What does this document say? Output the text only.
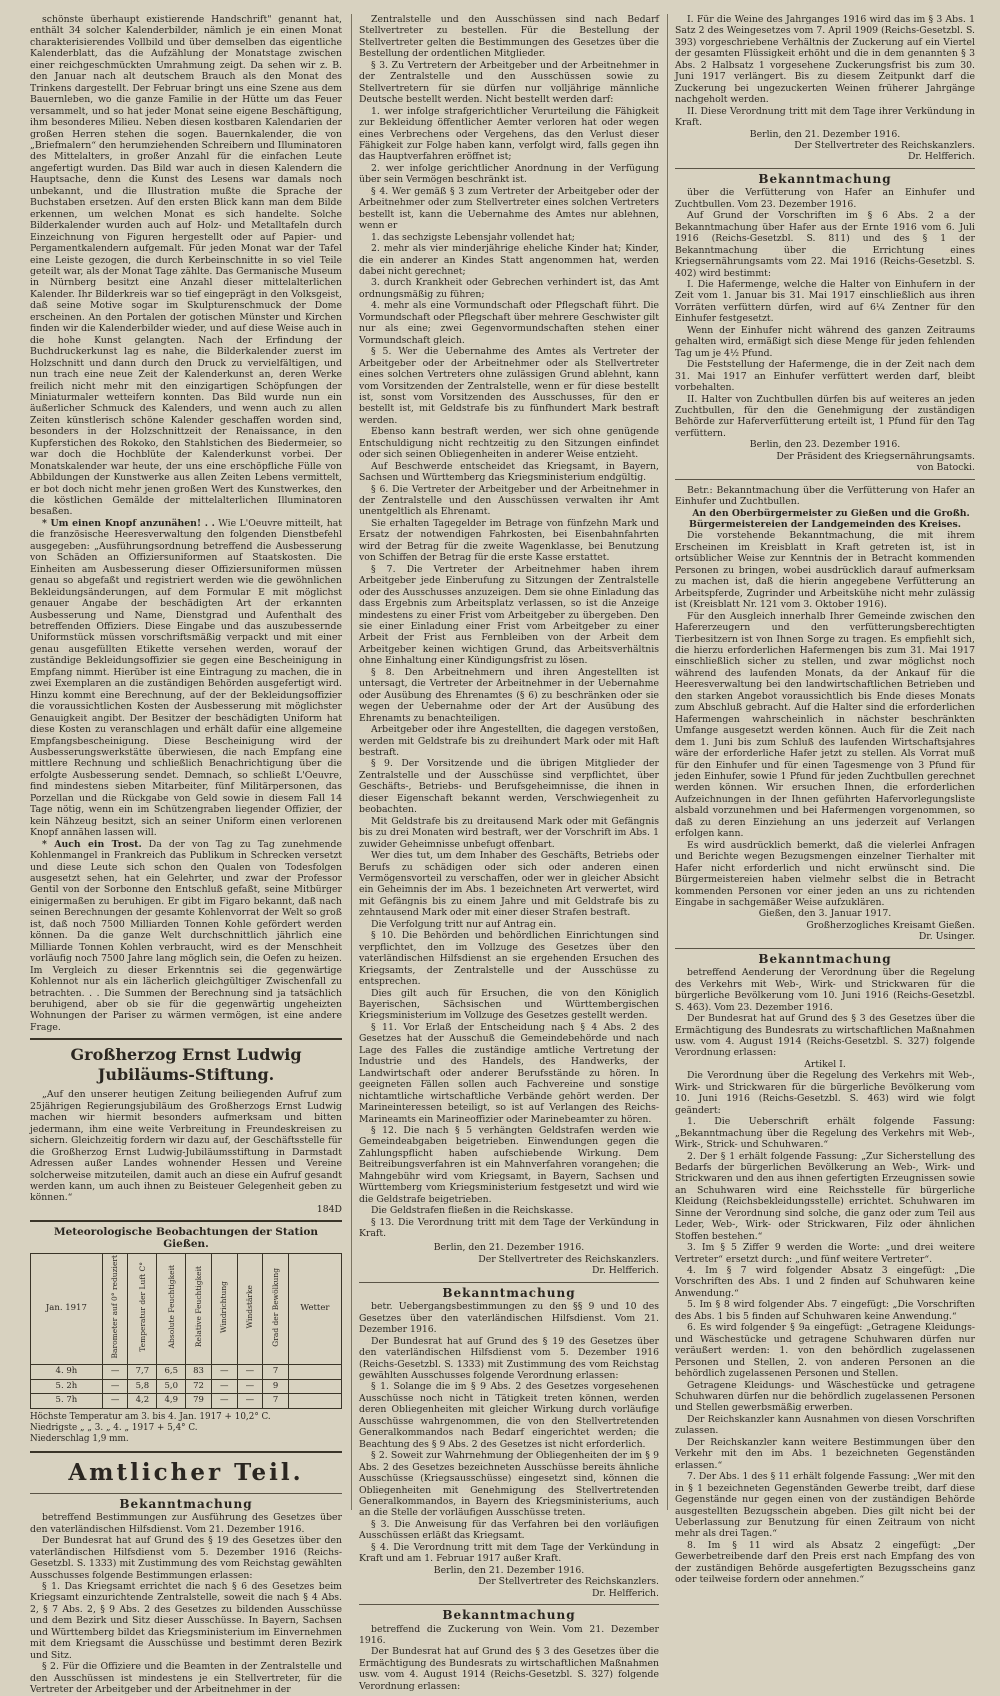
schönste überhaupt existierende Handschrift" genannt hat, enthält 34 solcher Kalenderbilder, nämlich je ein einen Monat charakterisierendes Vollbild und über demselben das eigentliche Kalenderblatt, das die Aufzählung der Monatstage zwischen einer reichgeschmückten Umrahmung zeigt. Da sehen wir z. B. den Januar nach alt deutschem Brauch als den Monat des Trinkens dargestellt. Der Februar bringt uns eine Szene aus dem Bauernleben, wo die ganze Familie in der Hütte um das Feuer versammelt, und so hat jeder Monat seine eigene Beschäftigung, ihm besonderes Milieu. Neben diesen kostbaren Kalendarien der großen Herren stehen die sogen. Bauernkalender, die von „Briefmalern“ den herumziehenden Schreibern und Illuminatoren des Mittelalters, in großer Anzahl für die einfachen Leute angefertigt wurden. Das Bild war auch in diesen Kalendern die Hauptsache, denn die Kunst des Lesens war damals noch unbekannt, und die Illustration mußte die Sprache der Buchstaben ersetzen. Auf den ersten Blick kann man dem Bilde erkennen, um welchen Monat es sich handelte. Solche Bilderkalender wurden auch auf Holz- und Metalltafeln durch Einzeichnung von Figuren hergestellt oder auf Papier- und Pergamentkalendern aufgemalt. Für jeden Monat war der Tafel eine Leiste gezogen, die durch Kerbeinschnitte in so viel Teile geteilt war, als der Monat Tage zählte. Das Germanische Museum in Nürnberg besitzt eine Anzahl dieser mittelalterlichen Kalender. Ihr Bilderkreis war so tief eingeprägt in den Volksgeist, daß seine Motive sogar im Skulpturenschmuck der Dome erscheinen. An den Portalen der gotischen Münster und Kirchen finden wir die Kalenderbilder wieder, und auf diese Weise auch in die hohe Kunst gelangten. Nach der Erfindung der Buchdruckerkunst lag es nahe, die Bilderkalender zuerst im Holzschnitt und dann durch den Druck zu vervielfältigen, und nun trach eine neue Zeit der Kalenderkunst an, deren Werke freilich nicht mehr mit den einzigartigen Schöpfungen der Miniaturmaler wetteifern konnten. Das Bild wurde nun ein äußerlicher Schmuck des Kalenders, und wenn auch zu allen Zeiten künstlerisch schöne Kalender geschaffen worden sind, besonders in der Holzschnittzeit der Renaissance, in den Kupferstichen des Rokoko, den Stahlstichen des Biedermeier, so war doch die Hochblüte der Kalenderkunst vorbei. Der Monatskalender war heute, der uns eine erschöpfliche Fülle von Abbildungen der Kunstwerke aus allen Zeiten Lebens vermittelt, er bot doch nicht mehr jenen großen Wert des Kunstwerkes, den die köstlichen Gemälde der mittelalterlichen Illuminatoren besaßen.

* Um einen Knopf anzunähen! . . Wie L'Oeuvre mitteilt, hat die französische Heeresverwaltung den folgenden Dienstbefehl ausgegeben: „Ausführungsordnung betreffend die Ausbesserung von Schäden an Offiziersuniformen auf Staatskosten. Die Einheiten am Ausbesserung dieser Offiziersuniformen müssen genau so abgefaßt und registriert werden wie die gewöhnlichen Bekleidungsänderungen, auf dem Formular E mit möglichst genauer Angabe der beschädigten Art der erkannten Ausbesserung und Name, Dienstgrad und Aufenthalt des betreffenden Offiziers. Diese Eingabe und das auszubessernde Uniformstück müssen vorschriftsmäßig verpackt und mit einer genau ausgefüllten Etikette versehen werden, worauf der zuständige Bekleidungsoffizier sie gegen eine Bescheinigung in Empfang nimmt. Hierüber ist eine Eintragung zu machen, die in zwei Exemplaren an die zuständigen Behörden ausgefertigt wird. Hinzu kommt eine Berechnung, auf der der Bekleidungsoffizier die voraussichtlichen Kosten der Ausbesserung mit möglichster Genauigkeit angibt. Der Besitzer der beschädigten Uniform hat diese Kosten zu veranschlagen und erhält dafür eine allgemeine Empfangsbescheinigung. Diese Bescheinigung wird der Ausbesserungswerkstätte überwiesen, die nach Empfang eine mittlere Rechnung und schließlich Benachrichtigung über die erfolgte Ausbesserung sendet. Demnach, so schließt L'Oeuvre, find mindestens sieben Mitarbeiter, fünf Militärpersonen, das Porzellan und die Rückgabe von Geld sowie in diesem Fall 14 Tage nötig, wenn ein im Schützengraben liegender Offizier, der kein Nähzeug besitzt, sich an seiner Uniform einen verlorenen Knopf annähen lassen will.

* Auch ein Trost. Da der von Tag zu Tag zunehmende Kohlenmangel in Frankreich das Publikum in Schrecken versetzt und diese Leute sich schon den Qualen von Todesfolgen ausgesetzt sehen, hat ein Gelehrter, und zwar der Professor Gentil von der Sorbonne den Entschluß gefaßt, seine Mitbürger einigermaßen zu beruhigen. Er gibt im Figaro bekannt, daß nach seinen Berechnungen der gesamte Kohlenvorrat der Welt so groß ist, daß noch 7500 Milliarden Tonnen Kohle gefördert werden können. Da die ganze Welt durchschnittlich jährlich eine Milliarde Tonnen Kohlen verbraucht, wird es der Menschheit vorläufig noch 7500 Jahre lang möglich sein, die Oefen zu heizen. Im Vergleich zu dieser Erkenntnis sei die gegenwärtige Kohlennot nur als ein lächerlich gleichgültiger Zwischenfall zu betrachten. . . Die Summen der Berechnung sind ja tatsächlich beruhigend, aber ob sie für die gegenwärtig ungeheizten Wohnungen der Pariser zu wärmen vermögen, ist eine andere Frage.

Großherzog Ernst Ludwig Jubiläums-Stiftung.

„Auf den unserer heutigen Zeitung beiliegenden Aufruf zum 25jährigen Regierungsjubiläum des Großherzogs Ernst Ludwig machen wir hiermit besonders aufmerksam und bitten jedermann, ihm eine weite Verbreitung in Freundeskreisen zu sichern. Gleichzeitig fordern wir dazu auf, der Geschäftsstelle für die Großherzog Ernst Ludwig-Jubiläumsstiftung in Darmstadt Adressen außer Landes wohnender Hessen und Vereine solcherweise mitzuteilen, damit auch an diese ein Aufruf gesandt werden kann, um auch ihnen zu Beisteuer Gelegenheit geben zu können.“

184D

Meteorologische Beobachtungen der Station Gießen.
Jan. 1917	Barometer auf 0° reduziert	Temperatur der Luft C°	Absolute Feuchtigkeit	Relative Feuchtigkeit	Windrichtung	Windstärke	Grad der Bewölkung	Wetter
4. 9h	—	7,7	6,5	83	—	—	7	
5. 2h	—	5,8	5,0	72	—	—	9	
5. 7h	—	4,2	4,9	79	—	—	7	
Höchste Temperatur am 3. bis 4. Jan. 1917 + 10,2° C.
Niedrigste „ „ 3. „ 4. „ 1917 + 5,4° C.
Niederschlag 1,9 mm.
Amtlicher Teil.
Bekanntmachung

betreffend Bestimmungen zur Ausführung des Gesetzes über den vaterländischen Hilfsdienst. Vom 21. Dezember 1916.

Der Bundesrat hat auf Grund des § 19 des Gesetzes über den vaterländischen Hilfsdienst vom 5. Dezember 1916 (Reichs-Gesetzbl. S. 1333) mit Zustimmung des vom Reichstag gewählten Ausschusses folgende Bestimmungen erlassen:

§ 1. Das Kriegsamt errichtet die nach § 6 des Gesetzes beim Kriegsamt einzurichtende Zentralstelle, soweit die nach § 4 Abs. 2, § 7 Abs. 2, § 9 Abs. 2 des Gesetzes zu bildenden Ausschüsse und dem Bezirk und Sitz dieser Ausschüsse. In Bayern, Sachsen und Württemberg bildet das Kriegsministerium im Einvernehmen mit dem Kriegsamt die Ausschüsse und bestimmt deren Bezirk und Sitz.

§ 2. Für die Offiziere und die Beamten in der Zentralstelle und den Ausschüssen ist mindestens je ein Stellvertreter, für die Vertreter der Arbeitgeber und der Arbeitnehmer in der

Zentralstelle und den Ausschüssen sind nach Bedarf Stellvertreter zu bestellen. Für die Bestellung der Stellvertreter gelten die Bestimmungen des Gesetzes über die Bestellung der ordentlichen Mitglieder.

§ 3. Zu Vertretern der Arbeitgeber und der Arbeitnehmer in der Zentralstelle und den Ausschüssen sowie zu Stellvertretern für sie dürfen nur volljährige männliche Deutsche bestellt werden. Nicht bestellt werden darf:

1. wer infolge strafgerichtlicher Verurteilung die Fähigkeit zur Bekleidung öffentlicher Aemter verloren hat oder wegen eines Verbrechens oder Vergehens, das den Verlust dieser Fähigkeit zur Folge haben kann, verfolgt wird, falls gegen ihn das Hauptverfahren eröffnet ist;

2. wer infolge gerichtlicher Anordnung in der Verfügung über sein Vermögen beschränkt ist.

§ 4. Wer gemäß § 3 zum Vertreter der Arbeitgeber oder der Arbeitnehmer oder zum Stellvertreter eines solchen Vertreters bestellt ist, kann die Uebernahme des Amtes nur ablehnen, wenn er

1. das sechzigste Lebensjahr vollendet hat;

2. mehr als vier minderjährige eheliche Kinder hat; Kinder, die ein anderer an Kindes Statt angenommen hat, werden dabei nicht gerechnet;

3. durch Krankheit oder Gebrechen verhindert ist, das Amt ordnungsmäßig zu führen;

4. mehr als eine Vormundschaft oder Pflegschaft führt. Die Vormundschaft oder Pflegschaft über mehrere Geschwister gilt nur als eine; zwei Gegenvormundschaften stehen einer Vormundschaft gleich.

§ 5. Wer die Uebernahme des Amtes als Vertreter der Arbeitgeber oder der Arbeitnehmer oder als Stellvertreter eines solchen Vertreters ohne zulässigen Grund ablehnt, kann vom Vorsitzenden der Zentralstelle, wenn er für diese bestellt ist, sonst vom Vorsitzenden des Ausschusses, für den er bestellt ist, mit Geldstrafe bis zu fünfhundert Mark bestraft werden.

Ebenso kann bestraft werden, wer sich ohne genügende Entschuldigung nicht rechtzeitig zu den Sitzungen einfindet oder sich seinen Obliegenheiten in anderer Weise entzieht.

Auf Beschwerde entscheidet das Kriegsamt, in Bayern, Sachsen und Württemberg das Kriegsministerium endgültig.

§ 6. Die Vertreter der Arbeitgeber und der Arbeitnehmer in der Zentralstelle und den Ausschüssen verwalten ihr Amt unentgeltlich als Ehrenamt.

Sie erhalten Tagegelder im Betrage von fünfzehn Mark und Ersatz der notwendigen Fahrkosten, bei Eisenbahnfahrten wird der Betrag für die zweite Wagenklasse, bei Benutzung von Schiffen der Betrag für die erste Kasse erstattet.

§ 7. Die Vertreter der Arbeitnehmer haben ihrem Arbeitgeber jede Einberufung zu Sitzungen der Zentralstelle oder des Ausschusses anzuzeigen. Dem sie ohne Einladung das dass Ergebnis zum Arbeitsplatz verlassen, so ist die Anzeige mindestens zu einer Frist vom Arbeitgeber zu übergeben. Den sie einer Einladung einer Frist vom Arbeitgeber zu einer Arbeit der Frist aus Fernbleiben von der Arbeit dem Arbeitgeber keinen wichtigen Grund, das Arbeitsverhältnis ohne Einhaltung einer Kündigungsfrist zu lösen.

§ 8. Den Arbeitnehmern und ihren Angestellten ist untersagt, die Vertreter der Arbeitnehmer in der Uebernahme oder Ausübung des Ehrenamtes (§ 6) zu beschränken oder sie wegen der Uebernahme oder der Art der Ausübung des Ehrenamts zu benachteiligen.

Arbeitgeber oder ihre Angestellten, die dagegen verstoßen, werden mit Geldstrafe bis zu dreihundert Mark oder mit Haft bestraft.

§ 9. Der Vorsitzende und die übrigen Mitglieder der Zentralstelle und der Ausschüsse sind verpflichtet, über Geschäfts-, Betriebs- und Berufsgeheimnisse, die ihnen in dieser Eigenschaft bekannt werden, Verschwiegenheit zu beobachten.

Mit Geldstrafe bis zu dreitausend Mark oder mit Gefängnis bis zu drei Monaten wird bestraft, wer der Vorschrift im Abs. 1 zuwider Geheimnisse unbefugt offenbart.

Wer dies tut, um dem Inhaber des Geschäfts, Betriebs oder Berufs zu schädigen oder sich oder anderen einen Vermögensvorteil zu verschaffen, oder wer in gleicher Absicht ein Geheimnis der im Abs. 1 bezeichneten Art verwertet, wird mit Gefängnis bis zu einem Jahre und mit Geldstrafe bis zu zehntausend Mark oder mit einer dieser Strafen bestraft.

Die Verfolgung tritt nur auf Antrag ein.

§ 10. Die Behörden und behördlichen Einrichtungen sind verpflichtet, den im Vollzuge des Gesetzes über den vaterländischen Hilfsdienst an sie ergehenden Ersuchen des Kriegsamts, der Zentralstelle und der Ausschüsse zu entsprechen.

Dies gilt auch für Ersuchen, die von den Königlich Bayerischen, Sächsischen und Württembergischen Kriegsministerium im Vollzuge des Gesetzes gestellt werden.

§ 11. Vor Erlaß der Entscheidung nach § 4 Abs. 2 des Gesetzes hat der Ausschuß die Gemeindebehörde und nach Lage des Falles die zuständige amtliche Vertretung der Industrie und des Handels, des Handwerks, der Landwirtschaft oder anderer Berufsstände zu hören. In geeigneten Fällen sollen auch Fachvereine und sonstige nichtamtliche wirtschaftliche Verbände gehört werden. Der Marineinteressen beteiligt, so ist auf Verlangen des Reichs-Marineamts ein Marineoffizier oder Marinebeamter zu hören.

§ 12. Die nach § 5 verhängten Geldstrafen werden wie Gemeindeabgaben beigetrieben. Einwendungen gegen die Zahlungspflicht haben aufschiebende Wirkung. Dem Beitreibungsverfahren ist ein Mahnverfahren vorangehen; die Mahngebühr wird vom Kriegsamt, in Bayern, Sachsen und Württemberg vom Kriegsministerium festgesetzt und wird wie die Geldstrafe beigetrieben.

Die Geldstrafen fließen in die Reichskasse.

§ 13. Die Verordnung tritt mit dem Tage der Verkündung in Kraft.

Berlin, den 21. Dezember 1916.

Der Stellvertreter des Reichskanzlers.

Dr. Helfferich.

Bekanntmachung

betr. Uebergangsbestimmungen zu den §§ 9 und 10 des Gesetzes über den vaterländischen Hilfsdienst. Vom 21. Dezember 1916.

Der Bundesrat hat auf Grund des § 19 des Gesetzes über den vaterländischen Hilfsdienst vom 5. Dezember 1916 (Reichs-Gesetzbl. S. 1333) mit Zustimmung des vom Reichstag gewählten Ausschusses folgende Verordnung erlassen:

§ 1. Solange die im § 9 Abs. 2 des Gesetzes vorgesehenen Ausschüsse noch nicht in Tätigkeit treten können, werden deren Obliegenheiten mit gleicher Wirkung durch vorläufige Ausschüsse wahrgenommen, die von den Stellvertretenden Generalkommandos nach Bedarf eingerichtet werden; die Beachtung des § 9 Abs. 2 des Gesetzes ist nicht erforderlich.

§ 2. Soweit zur Wahrnehmung der Obliegenheiten der im § 9 Abs. 2 des Gesetzes bezeichneten Ausschüsse bereits ähnliche Ausschüsse (Kriegsausschüsse) eingesetzt sind, können die Obliegenheiten mit Genehmigung des Stellvertretenden Generalkommandos, in Bayern des Kriegsministeriums, auch an die Stelle der vorläufigen Ausschüsse treten.

§ 3. Die Anweisung für das Verfahren bei den vorläufigen Ausschüssen erläßt das Kriegsamt.

§ 4. Die Verordnung tritt mit dem Tage der Verkündung in Kraft und am 1. Februar 1917 außer Kraft.

Berlin, den 21. Dezember 1916.

Der Stellvertreter des Reichskanzlers.

Dr. Helfferich.

Bekanntmachung

betreffend die Zuckerung von Wein. Vom 21. Dezember 1916.

Der Bundesrat hat auf Grund des § 3 des Gesetzes über die Ermächtigung des Bundesrats zu wirtschaftlichen Maßnahmen usw. vom 4. August 1914 (Reichs-Gesetzbl. S. 327) folgende Verordnung erlassen:

I. Für die Weine des Jahrganges 1916 wird das im § 3 Abs. 1 Satz 2 des Weingesetzes vom 7. April 1909 (Reichs-Gesetzbl. S. 393) vorgeschriebene Verhältnis der Zuckerung auf ein Viertel der gesamten Flüssigkeit erhöht und die in dem genannten § 3 Abs. 2 Halbsatz 1 vorgesehene Zuckerungsfrist bis zum 30. Juni 1917 verlängert. Bis zu diesem Zeitpunkt darf die Zuckerung bei ungezuckerten Weinen früherer Jahrgänge nachgeholt werden.

II. Diese Verordnung tritt mit dem Tage ihrer Verkündung in Kraft.

Berlin, den 21. Dezember 1916.

Der Stellvertreter des Reichskanzlers.

Dr. Helfferich.

Bekanntmachung

über die Verfütterung von Hafer an Einhufer und Zuchtbullen. Vom 23. Dezember 1916.

Auf Grund der Vorschriften im § 6 Abs. 2 a der Bekanntmachung über Hafer aus der Ernte 1916 vom 6. Juli 1916 (Reichs-Gesetzbl. S. 811) und des § 1 der Bekanntmachung über die Errichtung eines Kriegsernährungsamts vom 22. Mai 1916 (Reichs-Gesetzbl. S. 402) wird bestimmt:

I. Die Hafermenge, welche die Halter von Einhufern in der Zeit vom 1. Januar bis 31. Mai 1917 einschließlich aus ihren Vorräten verfüttern dürfen, wird auf 6¼ Zentner für den Einhufer festgesetzt.

Wenn der Einhufer nicht während des ganzen Zeitraums gehalten wird, ermäßigt sich diese Menge für jeden fehlenden Tag um je 4½ Pfund.

Die Feststellung der Hafermenge, die in der Zeit nach dem 31. Mai 1917 an Einhufer verfüttert werden darf, bleibt vorbehalten.

II. Halter von Zuchtbullen dürfen bis auf weiteres an jeden Zuchtbullen, für den die Genehmigung der zuständigen Behörde zur Haferverfütterung erteilt ist, 1 Pfund für den Tag verfüttern.

Berlin, den 23. Dezember 1916.

Der Präsident des Kriegsernährungsamts.

von Batocki.

Betr.: Bekanntmachung über die Verfütterung von Hafer an Einhufer und Zuchtbullen.

An den Oberbürgermeister zu Gießen und die Großh. Bürgermeistereien der Landgemeinden des Kreises.

Die vorstehende Bekanntmachung, die mit ihrem Erscheinen im Kreisblatt in Kraft getreten ist, ist in ortsüblicher Weise zur Kenntnis der in Betracht kommenden Personen zu bringen, wobei ausdrücklich darauf aufmerksam zu machen ist, daß die hierin angegebene Verfütterung an Arbeitspferde, Zugrinder und Arbeitskühe nicht mehr zulässig ist (Kreisblatt Nr. 121 vom 3. Oktober 1916).

Für den Ausgleich innerhalb Ihrer Gemeinde zwischen den Hafererzeugern und den verfütterungsberechtigten Tierbesitzern ist von Ihnen Sorge zu tragen. Es empfiehlt sich, die hierzu erforderlichen Hafermengen bis zum 31. Mai 1917 einschließlich sicher zu stellen, und zwar möglichst noch während des laufenden Monats, da der Ankauf für die Heeresverwaltung bei den landwirtschaftlichen Betrieben und den starken Angebot voraussichtlich bis Ende dieses Monats zum Abschluß gebracht. Auf die Halter sind die erforderlichen Hafermengen wahrscheinlich in nächster beschränkten Umfange ausgesetzt werden können. Auch für die Zeit nach dem 1. Juni bis zum Schluß des laufenden Wirtschaftsjahres wäre der erforderliche Hafer jetzt zu stellen. Als Vorrat muß für den Einhufer und für einen Tagesmenge von 3 Pfund für jeden Einhufer, sowie 1 Pfund für jeden Zuchtbullen gerechnet werden können. Wir ersuchen Ihnen, die erforderlichen Aufzeichnungen in der Ihnen geführten Hafervorlegungsliste alsbald vorzunehmen und bei Hafermengen vorgenommen, so daß zu deren Einziehung an uns jederzeit auf Verlangen erfolgen kann.

Es wird ausdrücklich bemerkt, daß die vielerlei Anfragen und Berichte wegen Bezugsmengen einzelner Tierhalter mit Hafer nicht erforderlich und nicht erwünscht sind. Die Bürgermeistereien haben vielmehr selbst die in Betracht kommenden Personen vor einer jeden an uns zu richtenden Eingabe in sachgemäßer Weise aufzuklären.

Gießen, den 3. Januar 1917.

Großherzogliches Kreisamt Gießen.

Dr. Usinger.

Bekanntmachung

betreffend Aenderung der Verordnung über die Regelung des Verkehrs mit Web-, Wirk- und Strickwaren für die bürgerliche Bevölkerung vom 10. Juni 1916 (Reichs-Gesetzbl. S. 463). Vom 23. Dezember 1916.

Der Bundesrat hat auf Grund des § 3 des Gesetzes über die Ermächtigung des Bundesrats zu wirtschaftlichen Maßnahmen usw. vom 4. August 1914 (Reichs-Gesetzbl. S. 327) folgende Verordnung erlassen:

Artikel I.

Die Verordnung über die Regelung des Verkehrs mit Web-, Wirk- und Strickwaren für die bürgerliche Bevölkerung vom 10. Juni 1916 (Reichs-Gesetzbl. S. 463) wird wie folgt geändert:

1. Die Ueberschrift erhält folgende Fassung: „Bekanntmachung über die Regelung des Verkehrs mit Web-, Wirk-, Strick- und Schuhwaren.“

2. Der § 1 erhält folgende Fassung: „Zur Sicherstellung des Bedarfs der bürgerlichen Bevölkerung an Web-, Wirk- und Strickwaren und den aus ihnen gefertigten Erzeugnissen sowie an Schuhwaren wird eine Reichsstelle für bürgerliche Kleidung (Reichsbekleidungsstelle) errichtet. Schuhwaren im Sinne der Verordnung sind solche, die ganz oder zum Teil aus Leder, Web-, Wirk- oder Strickwaren, Filz oder ähnlichen Stoffen bestehen.“

3. Im § 5 Ziffer 9 werden die Worte: „und drei weitere Vertreter“ ersetzt durch: „und fünf weitere Vertreter“.

4. Im § 7 wird folgender Absatz 3 eingefügt: „Die Vorschriften des Abs. 1 und 2 finden auf Schuhwaren keine Anwendung.“

5. Im § 8 wird folgender Abs. 7 eingefügt: „Die Vorschriften des Abs. 1 bis 5 finden auf Schuhwaren keine Anwendung.“

6. Es wird folgender § 9a eingefügt: „Getragene Kleidungs- und Wäschestücke und getragene Schuhwaren dürfen nur veräußert werden: 1. von den behördlich zugelassenen Personen und Stellen, 2. von anderen Personen an die behördlich zugelassenen Personen und Stellen.

Getragene Kleidungs- und Wäschestücke und getragene Schuhwaren dürfen nur die behördlich zugelassenen Personen und Stellen gewerbsmäßig erwerben.

Der Reichskanzler kann Ausnahmen von diesen Vorschriften zulassen.

Der Reichskanzler kann weitere Bestimmungen über den Verkehr mit den im Abs. 1 bezeichneten Gegenständen erlassen.“

7. Der Abs. 1 des § 11 erhält folgende Fassung: „Wer mit den in § 1 bezeichneten Gegenständen Gewerbe treibt, darf diese Gegenstände nur gegen einen von der zuständigen Behörde ausgestellten Bezugsschein abgeben. Dies gilt nicht bei der Ueberlassung zur Benutzung für einen Zeitraum von nicht mehr als drei Tagen.“

8. Im § 11 wird als Absatz 2 eingefügt: „Der Gewerbetreibende darf den Preis erst nach Empfang des von der zuständigen Behörde ausgefertigten Bezugsscheins ganz oder teilweise fordern oder annehmen.“
